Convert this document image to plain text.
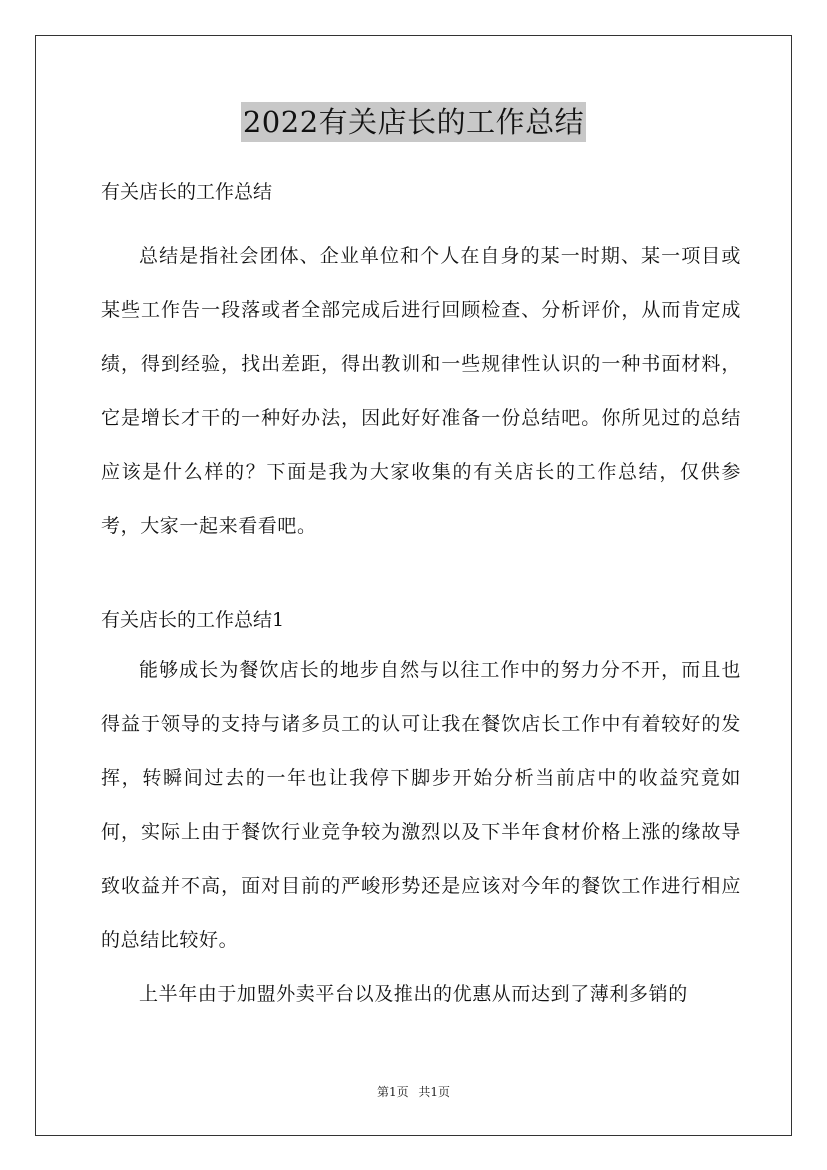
2022有关店长的工作总结
有关店长的工作总结

总结是指社会团体、企业单位和个人在自身的某一时期、某一项目或某些工作告一段落或者全部完成后进行回顾检查、分析评价，从而肯定成绩，得到经验，找出差距，得出教训和一些规律性认识的一种书面材料，它是增长才干的一种好办法，因此好好准备一份总结吧。你所见过的总结应该是什么样的？下面是我为大家收集的有关店长的工作总结，仅供参考，大家一起来看看吧。

有关店长的工作总结1

能够成长为餐饮店长的地步自然与以往工作中的努力分不开，而且也得益于领导的支持与诸多员工的认可让我在餐饮店长工作中有着较好的发挥，转瞬间过去的一年也让我停下脚步开始分析当前店中的收益究竟如何，实际上由于餐饮行业竞争较为激烈以及下半年食材价格上涨的缘故导致收益并不高，面对目前的严峻形势还是应该对今年的餐饮工作进行相应的总结比较好。

上半年由于加盟外卖平台以及推出的优惠从而达到了薄利多销的

第1页 共1页
